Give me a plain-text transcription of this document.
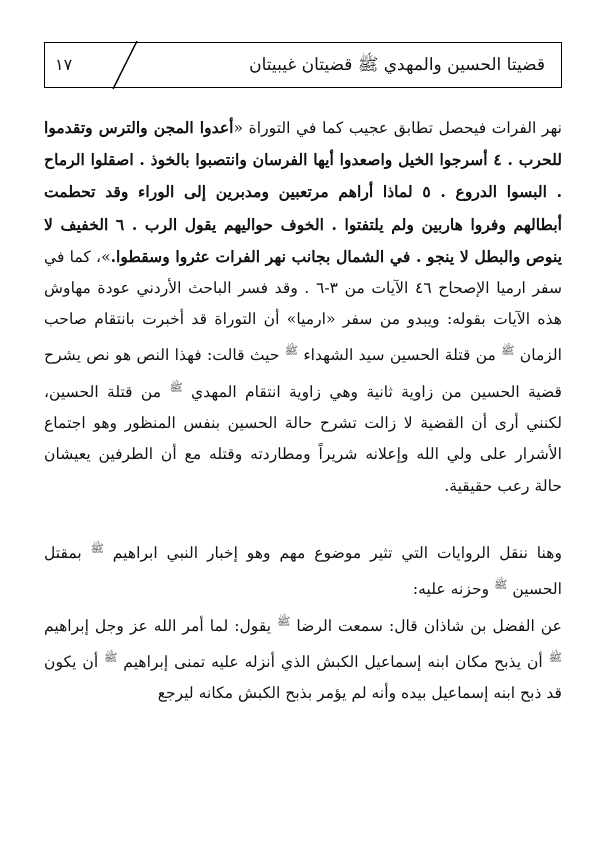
قضيتا الحسين والمهدي ﷺ قضيتان غيبيتان
١٧

نهر الفرات فيحصل تطابق عجيب كما في التوراة «أعدوا المجن والترس وتقدموا للحرب . ٤ أسرجوا الخيل واصعدوا أيها الفرسان وانتصبوا بالخوذ . اصقلوا الرماح . البسوا الدروع . ٥ لماذا أراهم مرتعبين ومدبرين إلى الوراء وقد تحطمت أبطالهم وفروا هاربين ولم يلتفتوا . الخوف حواليهم يقول الرب . ٦ الخفيف لا ينوص والبطل لا ينجو . في الشمال بجانب نهر الفرات عثروا وسقطوا.»، كما في سفر ارميا الإصحاح ٤٦ الآيات من ٣-٦ . وقد فسر الباحث الأردني عودة مهاوش هذه الآيات بقوله: ويبدو من سفر «ارميا» أن التوراة قد أخبرت بانتقام صاحب الزمان $^ﷺ$ من قتلة الحسين سيد الشهداء $^ﷺ$ حيث قالت: فهذا النص هو نص يشرح قضية الحسين من زاوية ثانية وهي زاوية انتقام المهدي $^ﷺ$ من قتلة الحسين، لكنني أرى أن القضية لا زالت تشرح حالة الحسين بنفس المنظور وهو اجتماع الأشرار على ولي الله وإعلانه شريراً ومطاردته وقتله مع أن الطرفين يعيشان حالة رعب حقيقية.

وهنا ننقل الروايات التي تثير موضوع مهم وهو إخبار النبي ابراهيم $^ﷺ$ بمقتل الحسين $^ﷺ$ وحزنه عليه:

عن الفضل بن شاذان قال: سمعت الرضا $^ﷺ$ يقول: لما أمر الله عز وجل إبراهيم $^ﷺ$ أن يذبح مكان ابنه إسماعيل الكبش الذي أنزله عليه تمنى إبراهيم $^ﷺ$ أن يكون قد ذبح ابنه إسماعيل بيده وأنه لم يؤمر بذبح الكبش مكانه ليرجع
